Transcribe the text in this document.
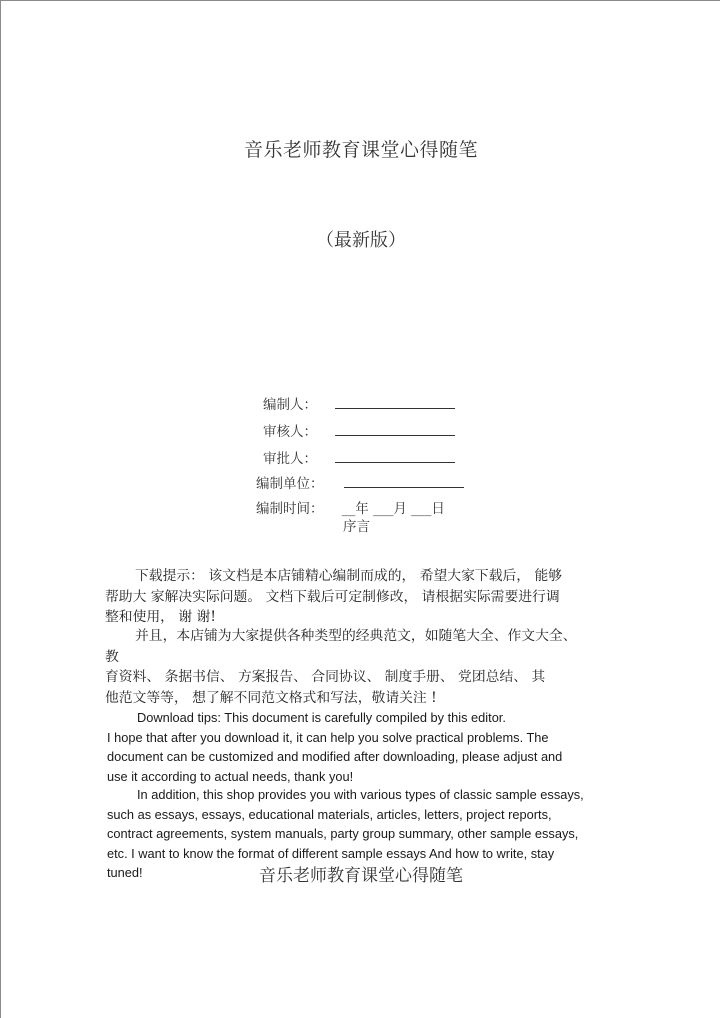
音乐老师教育课堂心得随笔
（最新版）
编制人：
审核人：
审批人：
编制单位：
编制时间： __年 ___月 ___日
序言
下载提示： 该文档是本店铺精心编制而成的， 希望大家下载后， 能够
帮助大 家解决实际问题。 文档下载后可定制修改， 请根据实际需要进行调
整和使用， 谢 谢!
并且，本店铺为大家提供各种类型的经典范文，如随笔大全、作文大全、
教
育资料、 条据书信、 方案报告、 合同协议、 制度手册、 党团总结、 其
他范文等等， 想了解不同范文格式和写法，敬请关注 !
Download tips: This document is carefully compiled by this editor.
I hope that after you download it, it can help you solve practical problems. The
document can be customized and modified after downloading, please adjust and
use it according to actual needs, thank you!
In addition, this shop provides you with various types of classic sample essays,
such as essays, essays, educational materials, articles, letters, project reports,
contract agreements, system manuals, party group summary, other sample essays,
etc. I want to know the format of different sample essays And how to write, stay
tuned!	音乐老师教育课堂心得随笔
